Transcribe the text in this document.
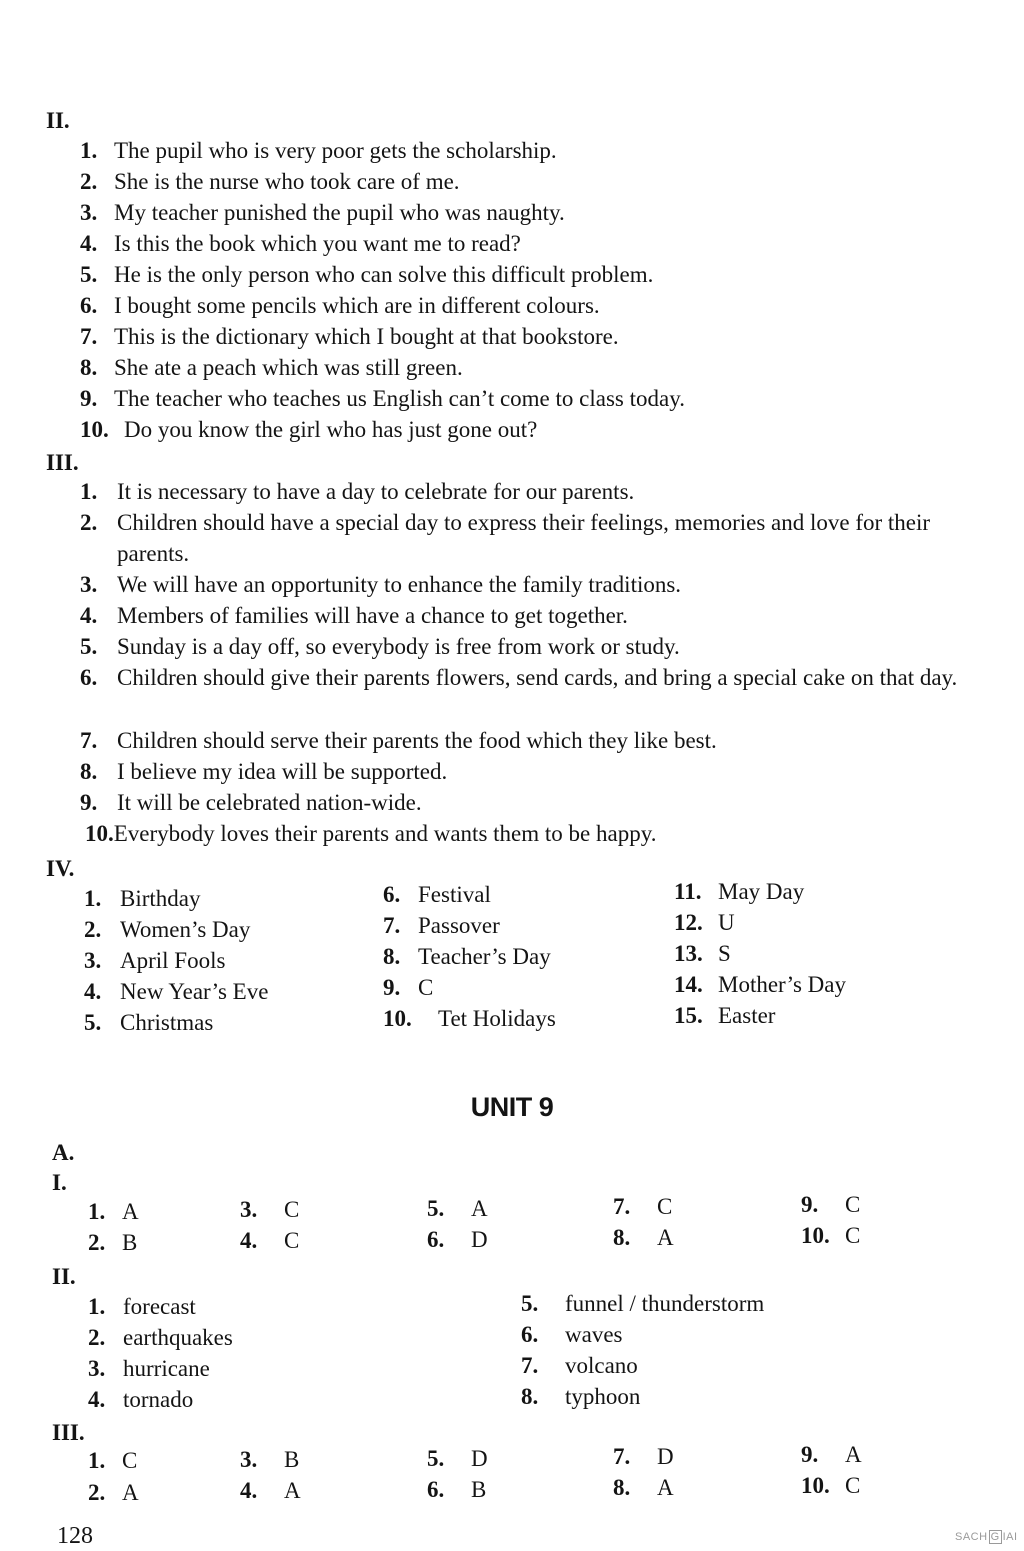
II.
1. The pupil who is very poor gets the scholarship.
2. She is the nurse who took care of me.
3. My teacher punished the pupil who was naughty.
4. Is this the book which you want me to read?
5. He is the only person who can solve this difficult problem.
6. I bought some pencils which are in different colours.
7. This is the dictionary which I bought at that bookstore.
8. She ate a peach which was still green.
9. The teacher who teaches us English can’t come to class today.
10. Do you know the girl who has just gone out?
III.
1. It is necessary to have a day to celebrate for our parents.
2. Children should have a special day to express their feelings, memories and love for their parents.
3. We will have an opportunity to enhance the family traditions.
4. Members of families will have a chance to get together.
5. Sunday is a day off, so everybody is free from work or study.
6. Children should give their parents flowers, send cards, and bring a special cake on that day.
7. Children should serve their parents the food which they like best.
8. I believe my idea will be supported.
9. It will be celebrated nation-wide.
10.Everybody loves their parents and wants them to be happy.
IV.
1. Birthday
2. Women’s Day
3. April Fools
4. New Year’s Eve
5. Christmas
6. Festival
7. Passover
8. Teacher’s Day
9. C
10. Tet Holidays
11. May Day
12. U
13. S
14. Mother’s Day
15. Easter
UNIT 9
A.
I.
1. A
2. B
3. C
4. C
5. A
6. D
7. C
8. A
9. C
10. C
II.
1. forecast
2. earthquakes
3. hurricane
4. tornado
5. funnel / thunderstorm
6. waves
7. volcano
8. typhoon
III.
1. C
2. A
3. B
4. A
5. D
6. B
7. D
8. A
9. A
10. C
128	SACH G IAI
